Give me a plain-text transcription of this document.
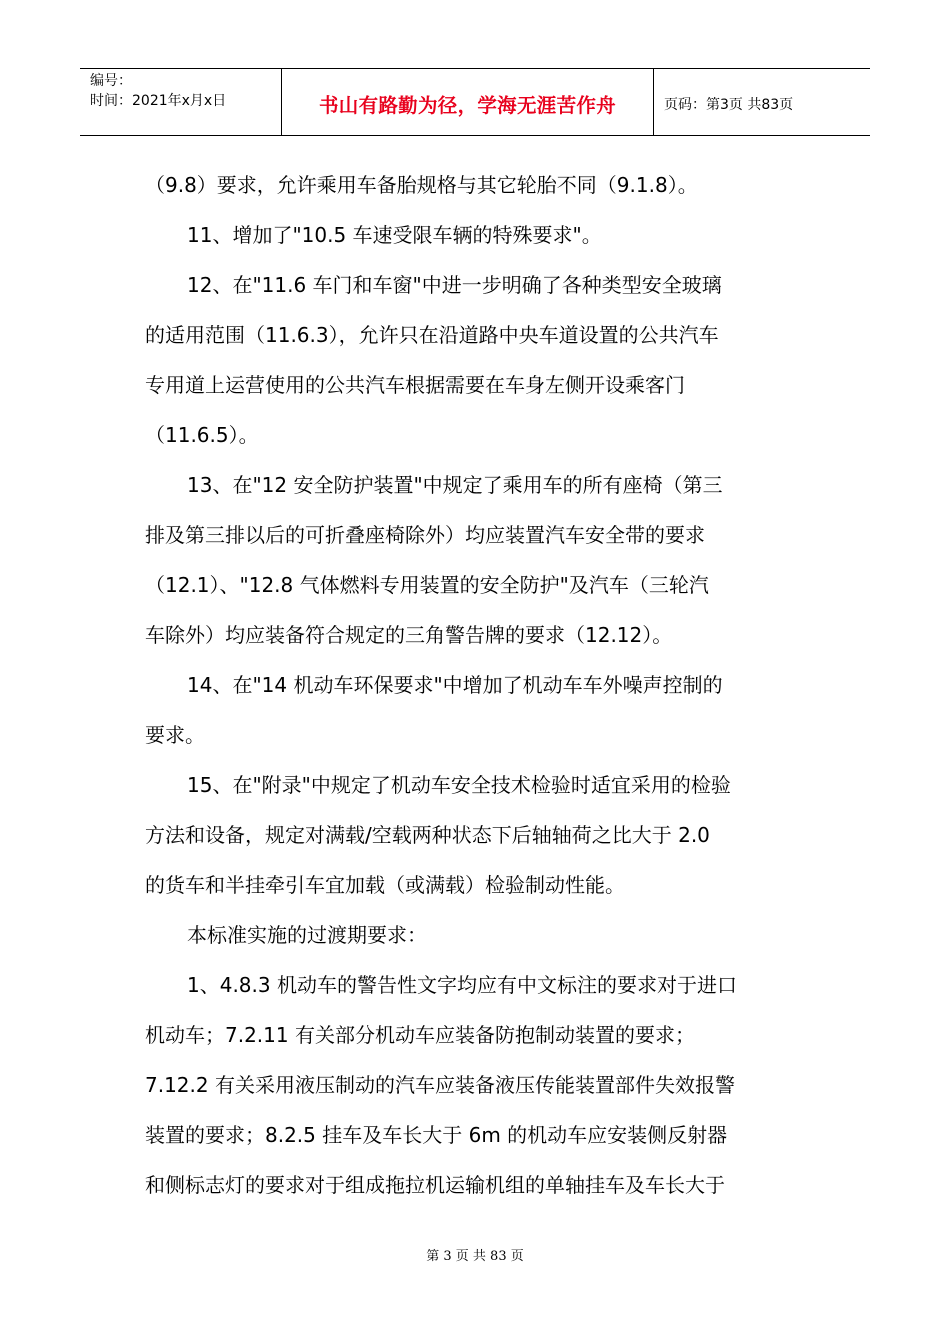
编号：
时间：2021年x月x日	书山有路勤为径，学海无涯苦作舟	页码：第3页 共83页
（9.8）要求，允许乘用车备胎规格与其它轮胎不同（9.1.8）。
11、增加了"10.5 车速受限车辆的特殊要求"。
12、在"11.6 车门和车窗"中进一步明确了各种类型安全玻璃
的适用范围（11.6.3），允许只在沿道路中央车道设置的公共汽车
专用道上运营使用的公共汽车根据需要在车身左侧开设乘客门
（11.6.5）。
13、在"12 安全防护装置"中规定了乘用车的所有座椅（第三
排及第三排以后的可折叠座椅除外）均应装置汽车安全带的要求
（12.1）、"12.8 气体燃料专用装置的安全防护"及汽车（三轮汽
车除外）均应装备符合规定的三角警告牌的要求（12.12）。
14、在"14 机动车环保要求"中增加了机动车车外噪声控制的
要求。
15、在"附录"中规定了机动车安全技术检验时适宜采用的检验
方法和设备，规定对满载/空载两种状态下后轴轴荷之比大于 2.0
的货车和半挂牵引车宜加载（或满载）检验制动性能。
本标准实施的过渡期要求：
1、4.8.3 机动车的警告性文字均应有中文标注的要求对于进口
机动车；7.2.11 有关部分机动车应装备防抱制动装置的要求；
7.12.2 有关采用液压制动的汽车应装备液压传能装置部件失效报警
装置的要求；8.2.5 挂车及车长大于 6m 的机动车应安装侧反射器
和侧标志灯的要求对于组成拖拉机运输机组的单轴挂车及车长大于
第 3 页 共 83 页
